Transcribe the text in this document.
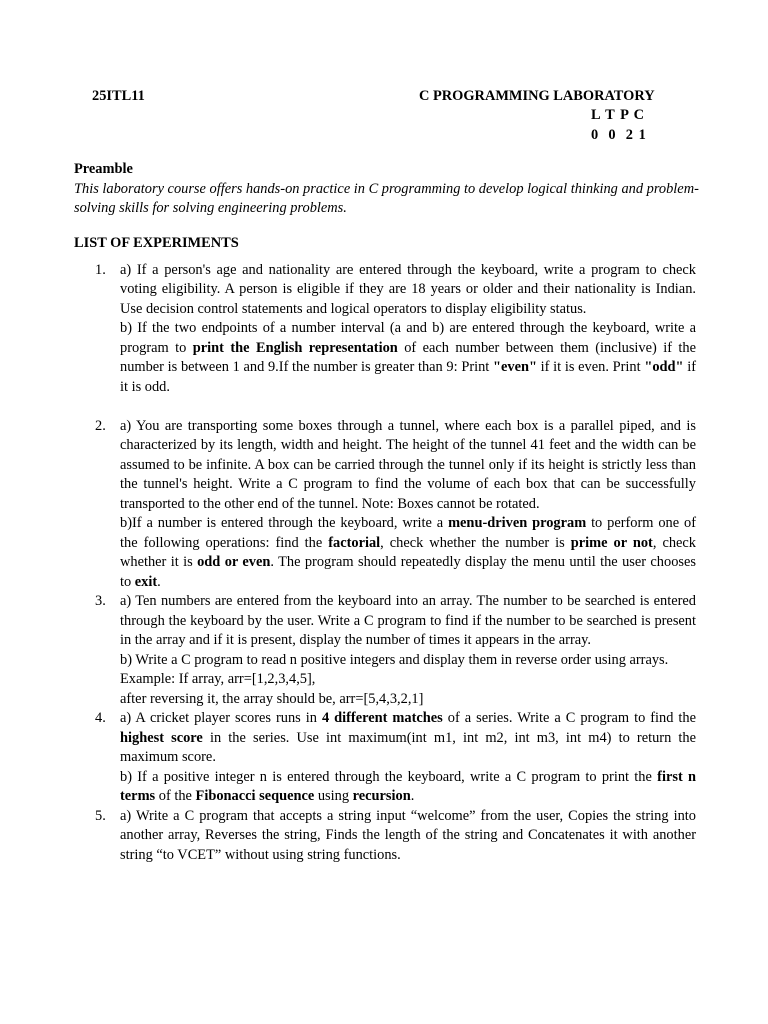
25ITL11	C PROGRAMMING LABORATORY
L T P C
0  0  2 1
Preamble
This laboratory course offers hands-on practice in C programming to develop logical thinking and problem-solving skills for solving engineering problems.
LIST OF EXPERIMENTS
1. a) If a person's age and nationality are entered through the keyboard, write a program to check voting eligibility. A person is eligible if they are 18 years or older and their nationality is Indian. Use decision control statements and logical operators to display eligibility status.

b) If the two endpoints of a number interval (a and b) are entered through the keyboard, write a program to print the English representation of each number between them (inclusive) if the number is between 1 and 9.If the number is greater than 9: Print "even" if it is even. Print "odd" if it is odd.

2. a) You are transporting some boxes through a tunnel, where each box is a parallel piped, and is characterized by its length, width and height. The height of the tunnel 41 feet and the width can be assumed to be infinite. A box can be carried through the tunnel only if its height is strictly less than the tunnel's height. Write a C program to find the volume of each box that can be successfully transported to the other end of the tunnel. Note: Boxes cannot be rotated.

b)If a number is entered through the keyboard, write a menu-driven program to perform one of the following operations: find the factorial, check whether the number is prime or not, check whether it is odd or even. The program should repeatedly display the menu until the user chooses to exit.

3. a) Ten numbers are entered from the keyboard into an array. The number to be searched is entered through the keyboard by the user. Write a C program to find if the number to be searched is present in the array and if it is present, display the number of times it appears in the array.

b) Write a C program to read n positive integers and display them in reverse order using arrays.

Example: If array, arr=[1,2,3,4,5],

after reversing it, the array should be, arr=[5,4,3,2,1]

4. a) A cricket player scores runs in 4 different matches of a series. Write a C program to find the highest score in the series. Use int maximum(int m1, int m2, int m3, int m4) to return the maximum score.

b) If a positive integer n is entered through the keyboard, write a C program to print the first n terms of the Fibonacci sequence using recursion.

5. a) Write a C program that accepts a string input “welcome” from the user, Copies the string into another array, Reverses the string, Finds the length of the string and Concatenates it with another string “to VCET” without using string functions.
